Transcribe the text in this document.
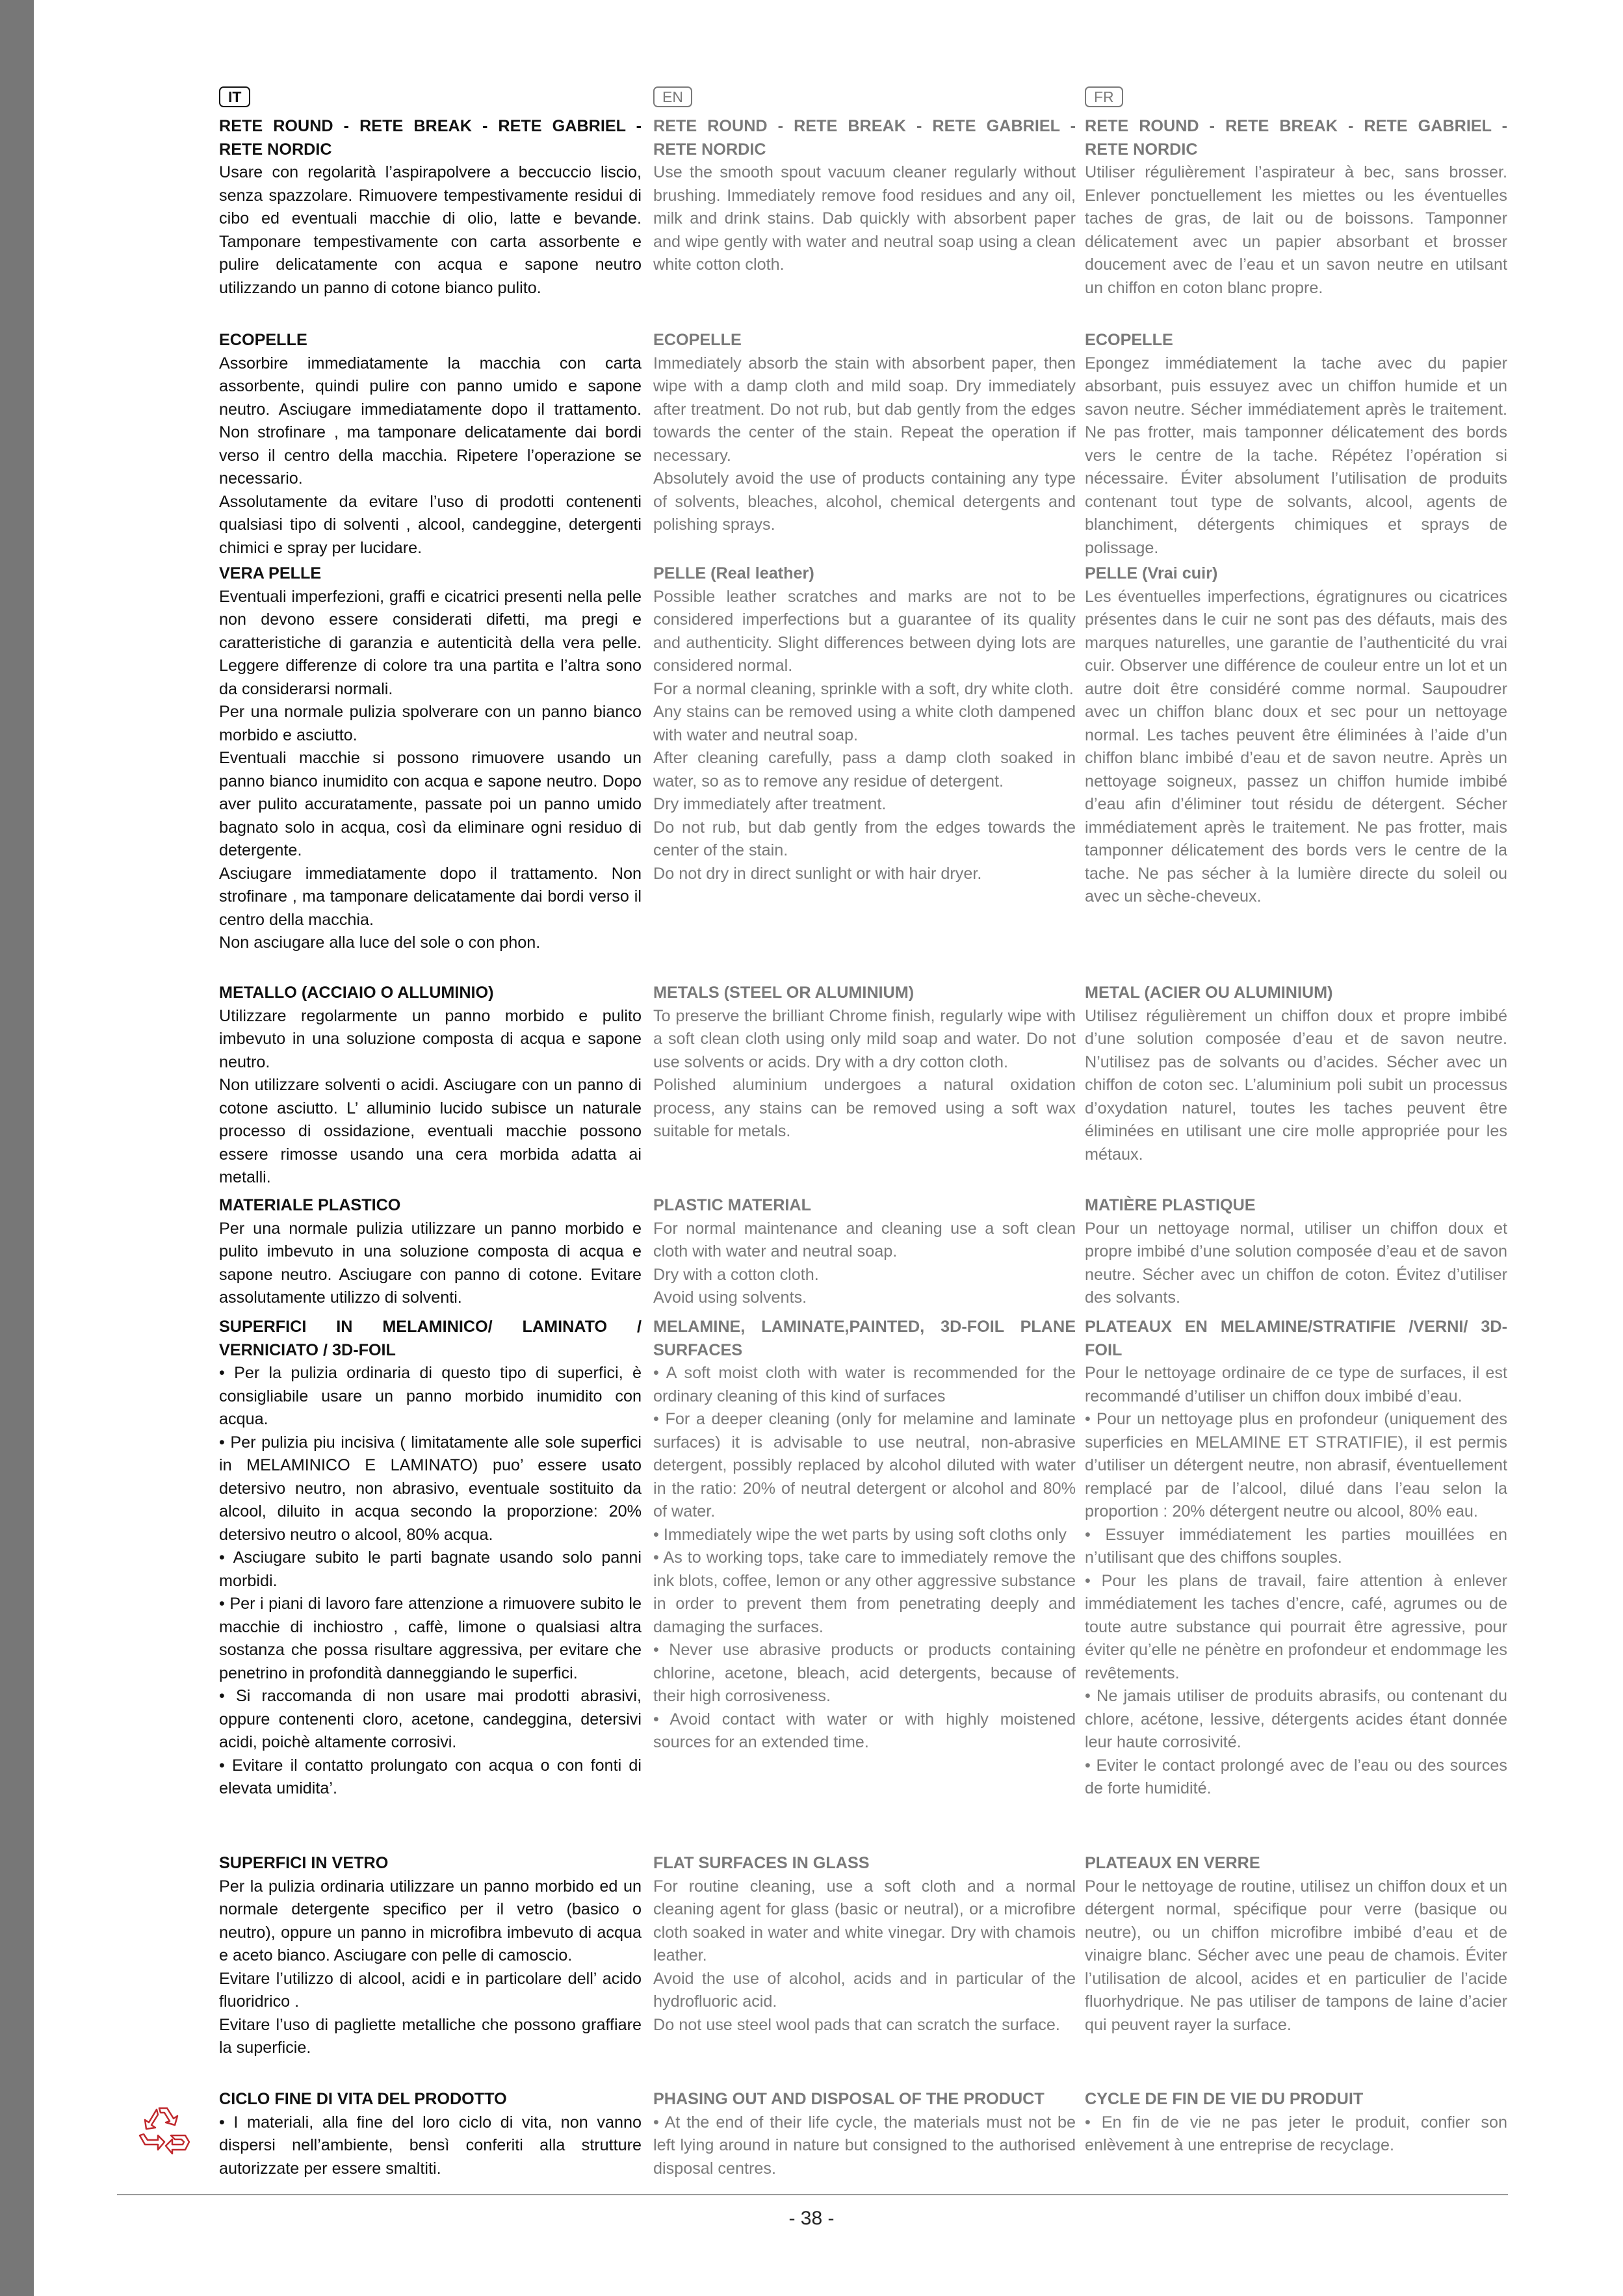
IT
RETE ROUND - RETE BREAK - RETE GABRIEL - RETE NORDIC

Usare con regolarità l’aspirapolvere a beccuccio liscio, senza spazzolare. Rimuovere tempestivamente residui di cibo ed eventuali macchie di olio, latte e bevande. Tamponare tempestivamente con carta assorbente e pulire delicatamente con acqua e sapone neutro utilizzando un panno di cotone bianco pulito.

ECOPELLE

Assorbire immediatamente la macchia con carta assorbente, quindi pulire con panno umido e sapone neutro. Asciugare immediatamente dopo il trattamento. Non strofinare , ma tamponare delicatamente dai bordi verso il centro della macchia. Ripetere l’operazione se necessario.

Assolutamente da evitare l’uso di prodotti contenenti qualsiasi tipo di solventi , alcool, candeggine, detergenti chimici e spray per lucidare.

VERA PELLE

Eventuali imperfezioni, graffi e cicatrici presenti nella pelle non devono essere considerati difetti, ma pregi e caratteristiche di garanzia e autenticità della vera pelle. Leggere differenze di colore tra una partita e l’altra sono da considerarsi normali.

Per una normale pulizia spolverare con un panno bianco morbido e asciutto.

Eventuali macchie si possono rimuovere usando un panno bianco inumidito con acqua e sapone neutro. Dopo aver pulito accuratamente, passate poi un panno umido bagnato solo in acqua, così da eliminare ogni residuo di detergente.

Asciugare immediatamente dopo il trattamento. Non strofinare , ma tamponare delicatamente dai bordi verso il centro della macchia.

Non asciugare alla luce del sole o con phon.

METALLO (ACCIAIO O ALLUMINIO)

Utilizzare regolarmente un panno morbido e pulito imbevuto in una soluzione composta di acqua e sapone neutro.

Non utilizzare solventi o acidi. Asciugare con un panno di cotone asciutto. L’ alluminio lucido subisce un naturale processo di ossidazione, eventuali macchie possono essere rimosse usando una cera morbida adatta ai metalli.

MATERIALE PLASTICO

Per una normale pulizia utilizzare un panno morbido e pulito imbevuto in una soluzione composta di acqua e sapone neutro. Asciugare con panno di cotone. Evitare assolutamente utilizzo di solventi.

SUPERFICI IN MELAMINICO/ LAMINATO / VERNICIATO / 3D-FOIL

• Per la pulizia ordinaria di questo tipo di superfici, è consigliabile usare un panno morbido inumidito con acqua.

• Per pulizia piu incisiva ( limitatamente alle sole superfici in MELAMINICO E LAMINATO) puo’ essere usato detersivo neutro, non abrasivo, eventuale sostituito da alcool, diluito in acqua secondo la proporzione: 20% detersivo neutro o alcool, 80% acqua.

• Asciugare subito le parti bagnate usando solo panni morbidi.

• Per i piani di lavoro fare attenzione a rimuovere subito le macchie di inchiostro , caffè, limone o qualsiasi altra sostanza che possa risultare aggressiva, per evitare che penetrino in profondità danneggiando le superfici.

• Si raccomanda di non usare mai prodotti abrasivi, oppure contenenti cloro, acetone, candeggina, detersivi acidi, poichè altamente corrosivi.

• Evitare il contatto prolungato con acqua o con fonti di elevata umidita’.

SUPERFICI IN VETRO

Per la pulizia ordinaria utilizzare un panno morbido ed un normale detergente specifico per il vetro (basico o neutro), oppure un panno in microfibra imbevuto di acqua e aceto bianco. Asciugare con pelle di camoscio.

Evitare l’utilizzo di alcool, acidi e in particolare dell’ acido fluoridrico .

Evitare l’uso di pagliette metalliche che possono graffiare la superficie.

CICLO FINE DI VITA DEL PRODOTTO

• I materiali, alla fine del loro ciclo di vita, non vanno dispersi nell’ambiente, bensì conferiti alla strutture autorizzate per essere smaltiti.

EN
RETE ROUND - RETE BREAK - RETE GABRIEL - RETE NORDIC

Use the smooth spout vacuum cleaner regularly without brushing. Immediately remove food residues and any oil, milk and drink stains. Dab quickly with absorbent paper and wipe gently with water and neutral soap using a clean white cotton cloth.

ECOPELLE

Immediately absorb the stain with absorbent paper, then wipe with a damp cloth and mild soap. Dry immediately after treatment. Do not rub, but dab gently from the edges towards the center of the stain. Repeat the operation if necessary.

Absolutely avoid the use of products containing any type of solvents, bleaches, alcohol, chemical detergents and polishing sprays.

PELLE (Real leather)

Possible leather scratches and marks are not to be considered imperfections but a guarantee of its quality and authenticity. Slight differences between dying lots are considered normal.

For a normal cleaning, sprinkle with a soft, dry white cloth.

Any stains can be removed using a white cloth dampened with water and neutral soap.

After cleaning carefully, pass a damp cloth soaked in water, so as to remove any residue of detergent.

Dry immediately after treatment.

Do not rub, but dab gently from the edges towards the center of the stain.

Do not dry in direct sunlight or with hair dryer.

METALS (STEEL OR ALUMINIUM)

To preserve the brilliant Chrome finish, regularly wipe with a soft clean cloth using only mild soap and water. Do not use solvents or acids. Dry with a dry cotton cloth.

Polished aluminium undergoes a natural oxidation process, any stains can be removed using a soft wax suitable for metals.

PLASTIC MATERIAL

For normal maintenance and cleaning use a soft clean cloth with water and neutral soap.

Dry with a cotton cloth.

Avoid using solvents.

MELAMINE, LAMINATE,PAINTED, 3D-FOIL PLANE SURFACES

• A soft moist cloth with water is recommended for the ordinary cleaning of this kind of surfaces

• For a deeper cleaning (only for melamine and laminate surfaces) it is advisable to use neutral, non-abrasive detergent, possibly replaced by alcohol diluted with water in the ratio: 20% of neutral detergent or alcohol and 80% of water.

• Immediately wipe the wet parts by using soft cloths only

• As to working tops, take care to immediately remove the ink blots, coffee, lemon or any other aggressive substance in order to prevent them from penetrating deeply and damaging the surfaces.

• Never use abrasive products or products containing chlorine, acetone, bleach, acid detergents, because of their high corrosiveness.

• Avoid contact with water or with highly moistened sources for an extended time.

FLAT SURFACES IN GLASS

For routine cleaning, use a soft cloth and a normal cleaning agent for glass (basic or neutral), or a microfibre cloth soaked in water and white vinegar. Dry with chamois leather.

Avoid the use of alcohol, acids and in particular of the hydrofluoric acid.

Do not use steel wool pads that can scratch the surface.

PHASING OUT AND DISPOSAL OF THE PRODUCT

• At the end of their life cycle, the materials must not be left lying around in nature but consigned to the authorised disposal centres.

FR
RETE ROUND - RETE BREAK - RETE GABRIEL - RETE NORDIC

Utiliser régulièrement l’aspirateur à bec, sans brosser. Enlever ponctuellement les miettes ou les éventuelles taches de gras, de lait ou de boissons. Tamponner délicatement avec un papier absorbant et brosser doucement avec de l’eau et un savon neutre en utilsant un chiffon en coton blanc propre.

ECOPELLE

Epongez immédiatement la tache avec du papier absorbant, puis essuyez avec un chiffon humide et un savon neutre. Sécher immédiatement après le traitement. Ne pas frotter, mais tamponner délicatement des bords vers le centre de la tache. Répétez l’opération si nécessaire. Éviter absolument l’utilisation de produits contenant tout type de solvants, alcool, agents de blanchiment, détergents chimiques et sprays de polissage.

PELLE (Vrai cuir)

Les éventuelles imperfections, égratignures ou cicatrices présentes dans le cuir ne sont pas des défauts, mais des marques naturelles, une garantie de l’authenticité du vrai cuir. Observer une différence de couleur entre un lot et un autre doit être considéré comme normal. Saupoudrer avec un chiffon blanc doux et sec pour un nettoyage normal. Les taches peuvent être éliminées à l’aide d’un chiffon blanc imbibé d’eau et de savon neutre. Après un nettoyage soigneux, passez un chiffon humide imbibé d’eau afin d’éliminer tout résidu de détergent. Sécher immédiatement après le traitement. Ne pas frotter, mais tamponner délicatement des bords vers le centre de la tache. Ne pas sécher à la lumière directe du soleil ou avec un sèche-cheveux.

METAL (ACIER OU ALUMINIUM)

Utilisez régulièrement un chiffon doux et propre imbibé d’une solution composée d’eau et de savon neutre. N’utilisez pas de solvants ou d’acides. Sécher avec un chiffon de coton sec. L’aluminium poli subit un processus d’oxydation naturel, toutes les taches peuvent être éliminées en utilisant une cire molle appropriée pour les métaux.

MATIÈRE PLASTIQUE

Pour un nettoyage normal, utiliser un chiffon doux et propre imbibé d’une solution composée d’eau et de savon neutre. Sécher avec un chiffon de coton. Évitez d’utiliser des solvants.

PLATEAUX EN MELAMINE/STRATIFIE /VERNI/ 3D-FOIL

Pour le nettoyage ordinaire de ce type de surfaces, il est recommandé d’utiliser un chiffon doux imbibé d’eau.

• Pour un nettoyage plus en profondeur (uniquement des superficies en MELAMINE ET STRATIFIE), il est permis d’utiliser un détergent neutre, non abrasif, éventuellement remplacé par de l’alcool, dilué dans l’eau selon la proportion : 20% détergent neutre ou alcool, 80% eau.

• Essuyer immédiatement les parties mouillées en n’utilisant que des chiffons souples.

• Pour les plans de travail, faire attention à enlever immédiatement les taches d’encre, café, agrumes ou de toute autre substance qui pourrait être agressive, pour éviter qu’elle ne pénètre en profondeur et endommage les revêtements.

• Ne jamais utiliser de produits abrasifs, ou contenant du chlore, acétone, lessive, détergents acides étant donnée leur haute corrosivité.

• Eviter le contact prolongé avec de l’eau ou des sources de forte humidité.

PLATEAUX EN VERRE

Pour le nettoyage de routine, utilisez un chiffon doux et un détergent normal, spécifique pour verre (basique ou neutre), ou un chiffon microfibre imbibé d’eau et de vinaigre blanc. Sécher avec une peau de chamois. Éviter l’utilisation de alcool, acides et en particulier de l’acide fluorhydrique. Ne pas utiliser de tampons de laine d’acier qui peuvent rayer la surface.

CYCLE DE FIN DE VIE DU PRODUIT

• En fin de vie ne pas jeter le produit, confier son enlèvement à une entreprise de recyclage.

- 38 -
